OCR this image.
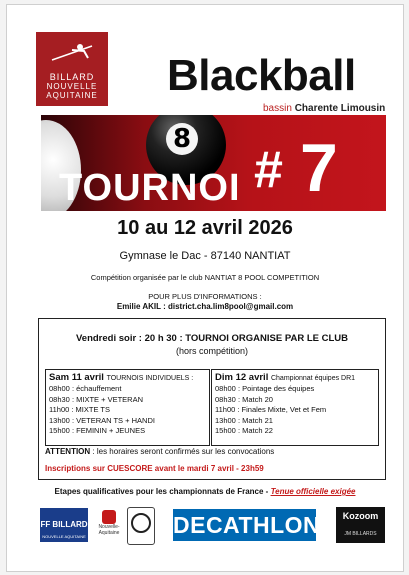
BILLARD
NOUVELLE
AQUITAINE Blackball
bassin Charente Limousin
8
TOURNOI # 7
10 au 12 avril 2026
Gymnase le Dac - 87140 NANTIAT
Compétition organisée par le club NANTIAT 8 POOL COMPETITION
POUR PLUS D'INFORMATIONS :
Emilie AKIL : district.cha.lim8pool@gmail.com
Vendredi soir : 20 h 30 : TOURNOI ORGANISE PAR LE CLUB
(hors compétition)
Sam 11 avril TOURNOIS INDIVIDUELS :
08h00 : échauffement
08h30 : MIXTE + VETERAN
11h00 : MIXTE TS
13h00 : VETERAN TS + HANDI
15h00 : FEMININ + JEUNES
Dim 12 avril Championnat équipes DR1
08h00 : Pointage des équipes
08h30 : Match 20
11h00 : Finales Mixte, Vet et Fem
13h00 : Match 21
15h00 : Match 22
ATTENTION : les horaires seront confirmés sur les convocations
Inscriptions sur CUESCORE avant le mardi 7 avril - 23h59
Etapes qualificatives pour les championnats de France - Tenue officielle exigée
FF BILLARD
NOUVELLE AQUITAINE
Nouvelle-Aquitaine DECATHLON	Kozoom
JM BILLARDS
